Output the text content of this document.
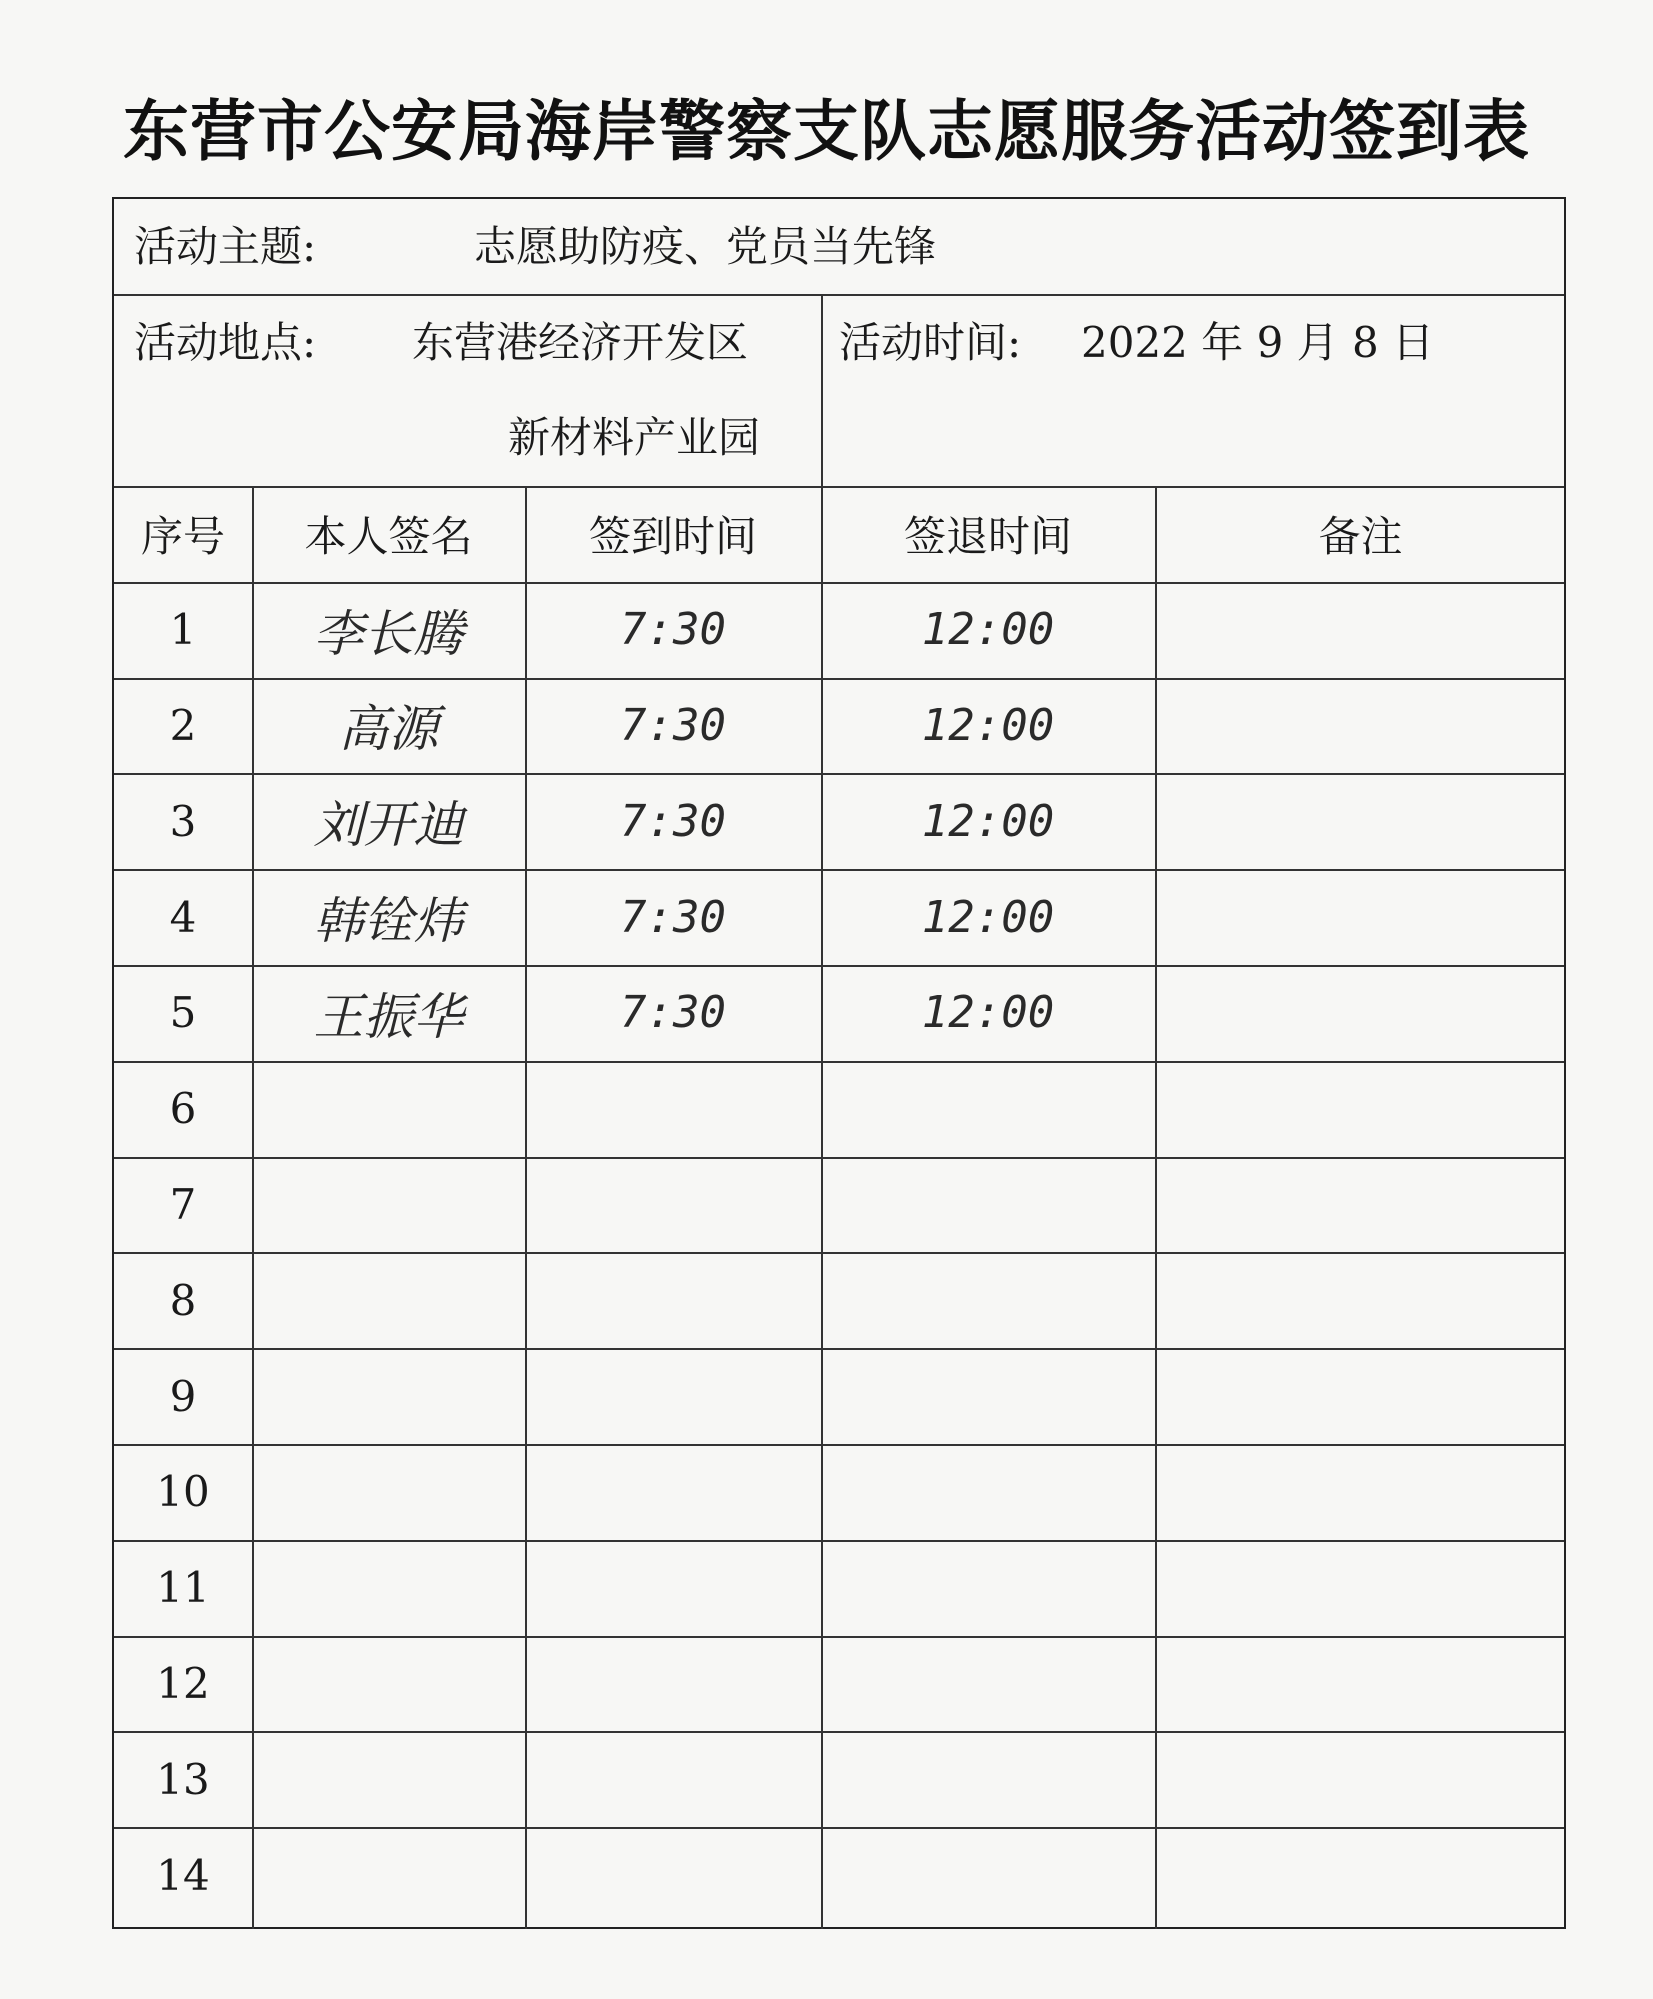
东营市公安局海岸警察支队志愿服务活动签到表
活动主题:	志愿助防疫、党员当先锋
活动地点: 东营港经济开发区
新材料产业园
活动时间: 2022 年 9 月 8 日
序号	本人签名	签到时间	签退时间	备注
1	李长腾	7:30	12:00
2	高源	7:30	12:00
3	刘开迪	7:30	12:00
4	韩铨炜	7:30	12:00
5	王振华	7:30	12:00
6
7
8
9
10
11
12
13
14
